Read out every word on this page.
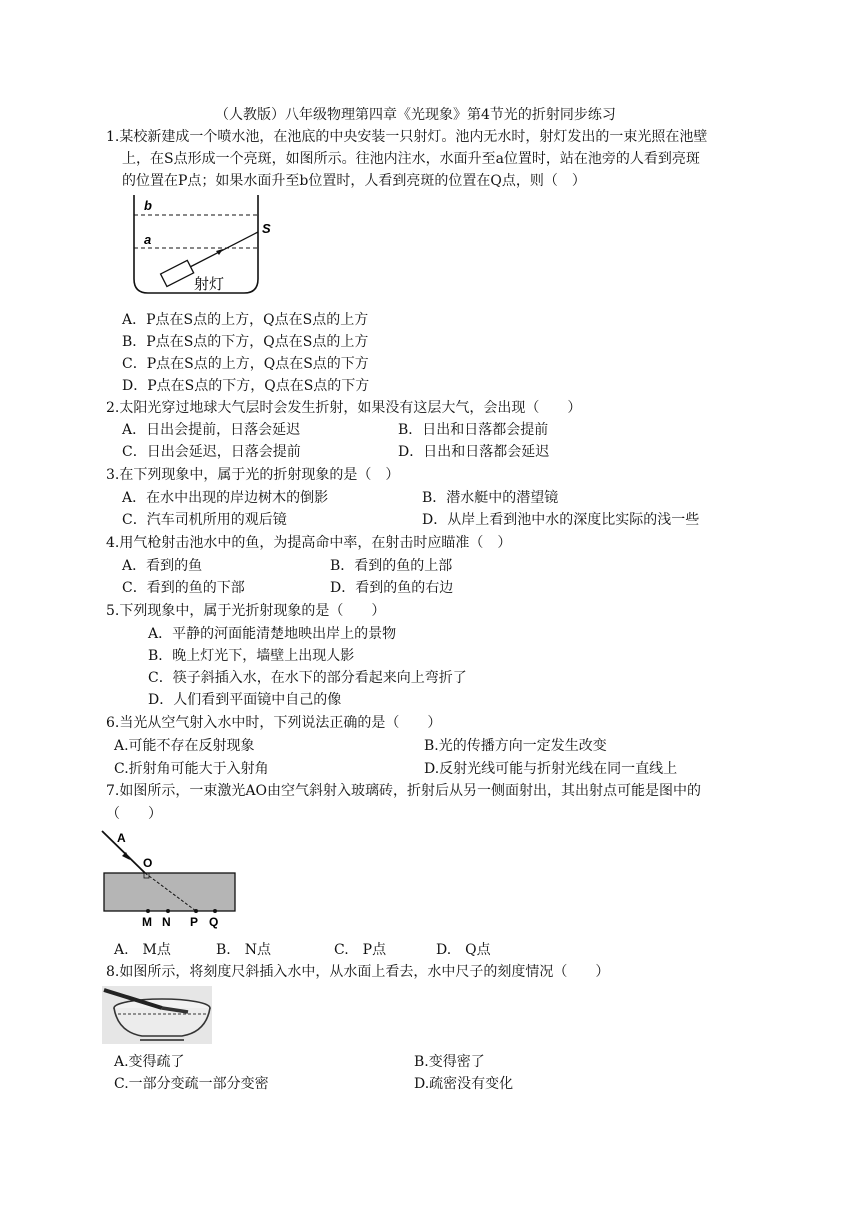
（人教版）八年级物理第四章《光现象》第4节光的折射同步练习
1.某校新建成一个喷水池，在池底的中央安装一只射灯。池内无水时，射灯发出的一束光照在池壁
上，在S点形成一个亮斑，如图所示。往池内注水，水面升至a位置时，站在池旁的人看到亮斑
的位置在P点；如果水面升至b位置时，人看到亮斑的位置在Q点，则（　）
b
a
S
射灯
A．P点在S点的上方，Q点在S点的上方
B．P点在S点的下方，Q点在S点的上方
C．P点在S点的上方，Q点在S点的下方
D．P点在S点的下方，Q点在S点的下方
2.太阳光穿过地球大气层时会发生折射，如果没有这层大气，会出现（　　）
A．日出会提前，日落会延迟	B．日出和日落都会提前
C．日出会延迟，日落会提前	D．日出和日落都会延迟
3.在下列现象中，属于光的折射现象的是（　）
A．在水中出现的岸边树木的倒影	B．潜水艇中的潜望镜
C．汽车司机所用的观后镜	D．从岸上看到池中水的深度比实际的浅一些
4.用气枪射击池水中的鱼，为提高命中率，在射击时应瞄准（　）
A．看到的鱼	B．看到的鱼的上部
C．看到的鱼的下部	D．看到的鱼的右边
5.下列现象中，属于光折射现象的是（　　）
A．平静的河面能清楚地映出岸上的景物
B．晚上灯光下，墙壁上出现人影
C．筷子斜插入水，在水下的部分看起来向上弯折了
D．人们看到平面镜中自己的像
6.当光从空气射入水中时，下列说法正确的是（　　）
A.可能不存在反射现象	B.光的传播方向一定发生改变
C.折射角可能大于入射角	D.反射光线可能与折射光线在同一直线上
7.如图所示，一束激光AO由空气斜射入玻璃砖，折射后从另一侧面射出，其出射点可能是图中的
（　　）
A
O
M N P Q
A.　M点	B.　N点	C.　P点	D.　Q点
8.如图所示，将刻度尺斜插入水中，从水面上看去，水中尺子的刻度情况（　　）
A.变得疏了	B.变得密了
C.一部分变疏一部分变密	D.疏密没有变化
